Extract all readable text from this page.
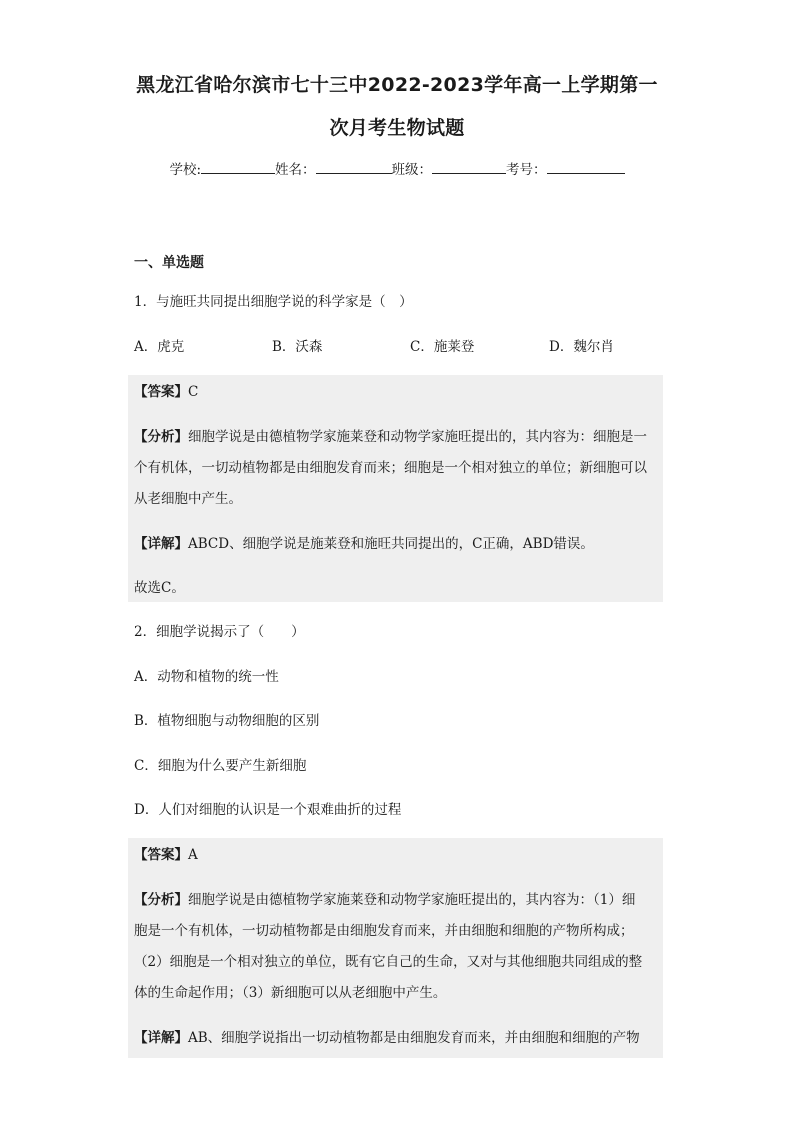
黑龙江省哈尔滨市七十三中2022-2023学年高一上学期第一
次月考生物试题
学校:	姓名：	班级：	考号：
一、单选题
1．与施旺共同提出细胞学说的科学家是（　）
A．虎克	B．沃森	C．施莱登	D．魏尔肖
【答案】C
【分析】细胞学说是由德植物学家施莱登和动物学家施旺提出的，其内容为：细胞是一
个有机体，一切动植物都是由细胞发育而来；细胞是一个相对独立的单位；新细胞可以
从老细胞中产生。
【详解】ABCD、细胞学说是施莱登和施旺共同提出的，C正确，ABD错误。
故选C。
2．细胞学说揭示了（　　）
A．动物和植物的统一性
B．植物细胞与动物细胞的区别
C．细胞为什么要产生新细胞
D．人们对细胞的认识是一个艰难曲折的过程
【答案】A
【分析】细胞学说是由德植物学家施莱登和动物学家施旺提出的，其内容为：（1）细
胞是一个有机体，一切动植物都是由细胞发育而来，并由细胞和细胞的产物所构成；
（2）细胞是一个相对独立的单位，既有它自己的生命，又对与其他细胞共同组成的整
体的生命起作用；（3）新细胞可以从老细胞中产生。
【详解】AB、细胞学说指出一切动植物都是由细胞发育而来，并由细胞和细胞的产物
